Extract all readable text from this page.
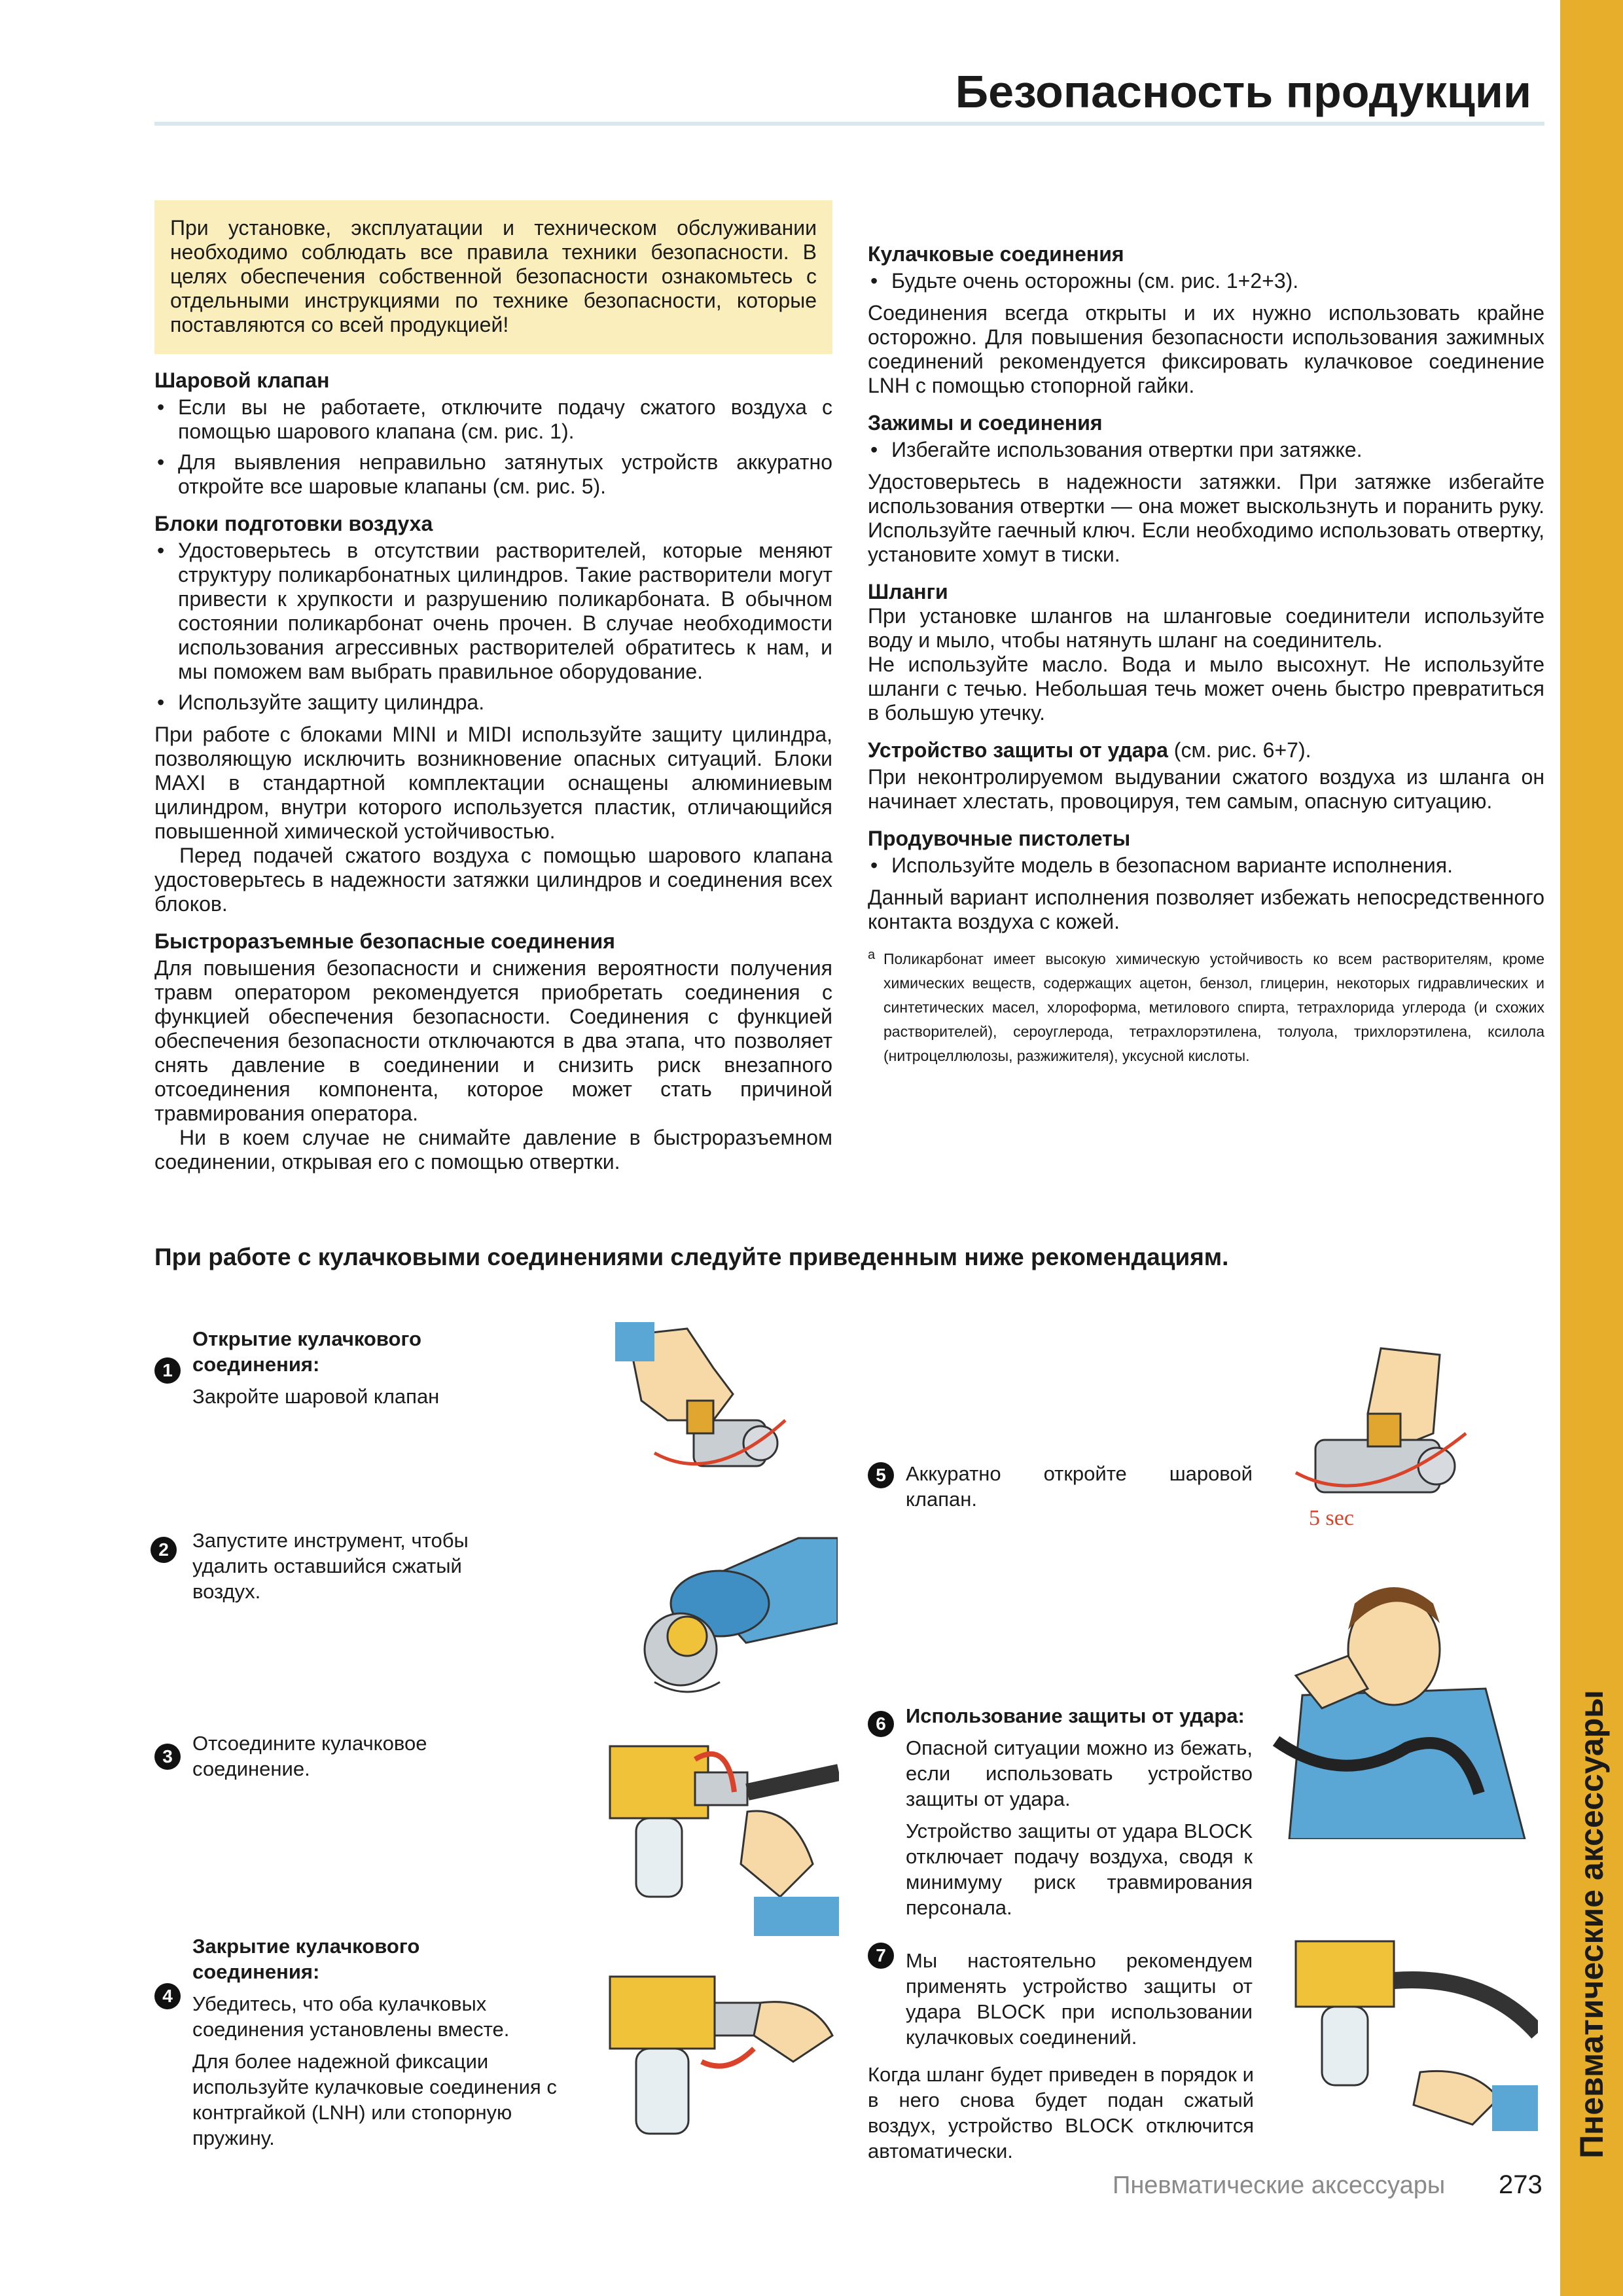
Безопасность продукции
Пневматические аксессуары
При установке, эксплуатации и техническом обслуживании необходимо соблюдать все правила техники безопасности. В целях обеспечения собственной безопасности ознакомьтесь с отдельными инструкциями по технике безопасности, которые поставляются со всей продукцией!
Шаровой клапан
• Если вы не работаете, отключите подачу сжатого воздуха с помощью шарового клапана (см. рис. 1).
• Для выявления неправильно затянутых устройств аккуратно откройте все шаровые клапаны (см. рис. 5).
Блоки подготовки воздуха
• Удостоверьтесь в отсутствии растворителей, которые меняют структуру поликарбонатных цилиндров. Такие растворители могут привести к хрупкости и разрушению поликарбоната. В обычном состоянии поликарбонат очень прочен. В случае необходимости использования агрессивных растворителей обратитесь к нам, и мы поможем вам выбрать правильное оборудование.
• Используйте защиту цилиндра.

При работе с блоками MINI и MIDI используйте защиту цилиндра, позволяющую исключить возникновение опасных ситуаций. Блоки MAXI в стандартной комплектации оснащены алюминиевым цилиндром, внутри которого используется пластик, отличающийся повышенной химической устойчивостью.

Перед подачей сжатого воздуха с помощью шарового клапана удостоверьтесь в надежности затяжки цилиндров и соединения всех блоков.

Быстроразъемные безопасные соединения

Для повышения безопасности и снижения вероятности получения травм оператором рекомендуется приобретать соединения с функцией обеспечения безопасности. Соединения с функцией обеспечения безопасности отключаются в два этапа, что позволяет снять давление в соединении и снизить риск внезапного отсоединения компонента, которое может стать причиной травмирования оператора.

Ни в коем случае не снимайте давление в быстроразъемном соединении, открывая его с помощью отвертки.

Кулачковые соединения
• Будьте очень осторожны (см. рис. 1+2+3).

Соединения всегда открыты и их нужно использовать крайне осторожно. Для повышения безопасности использования зажимных соединений рекомендуется фиксировать кулачковое соединение LNH с помощью стопорной гайки.

Зажимы и соединения
• Избегайте использования отвертки при затяжке.

Удостоверьтесь в надежности затяжки. При затяжке избегайте использования отвертки — она может выскользнуть и поранить руку. Используйте гаечный ключ. Если необходимо использовать отвертку, установите хомут в тиски.

Шланги

При установке шлангов на шланговые соединители используйте воду и мыло, чтобы натянуть шланг на соединитель.

Не используйте масло. Вода и мыло высохнут. Не используйте шланги с течью. Небольшая течь может очень быстро превратиться в большую утечку.

Устройство защиты от удара (см. рис. 6+7).

При неконтролируемом выдувании сжатого воздуха из шланга он начинает хлестать, провоцируя, тем самым, опасную ситуацию.

Продувочные пистолеты
• Используйте модель в безопасном варианте исполнения.

Данный вариант исполнения позволяет избежать непосредственного контакта воздуха с кожей.

а Поликарбонат имеет высокую химическую устойчивость ко всем растворителям, кроме химических веществ, содержащих ацетон, бензол, глицерин, некоторых гидравлических и синтетических масел, хлороформа, метилового спирта, тетрахлорида углерода (и схожих растворителей), сероуглерода, тетрахлорэтилена, толуола, трихлорэтилена, ксилола (нитроцеллюлозы, разжижителя), уксусной кислоты.
При работе с кулачковыми соединениями следуйте приведенным ниже рекомендациям.
1

Открытие кулачкового соединения:

Закройте шаровой клапан

2	Запустите инструмент, чтобы удалить оставшийся сжатый воздух.

3

Отсоедините кулачковое соединение.

4

Закрытие кулачкового соединения:

Убедитесь, что оба кулачковых соединения установлены вместе.

Для более надежной фиксации используйте кулачковые соединения с контргайкой (LNH) или стопорную пружину.

5 Аккуратно откройте шаровой клапан.

5 sec
6 Использование защиты от удара:

Опасной ситуации можно из бежать, если использовать устройство защиты от удара.

Устройство защиты от удара BLOCK отключает подачу воздуха, сводя к минимуму риск травмирования персонала.

7 Мы настоятельно рекомендуем применять устройство защиты от удара BLOCK при использовании кулачковых соединений.

Когда шланг будет приведен в порядок и в него снова будет подан сжатый воздух, устройство BLOCK отключится автоматически.

Пневматические аксессуары 273
